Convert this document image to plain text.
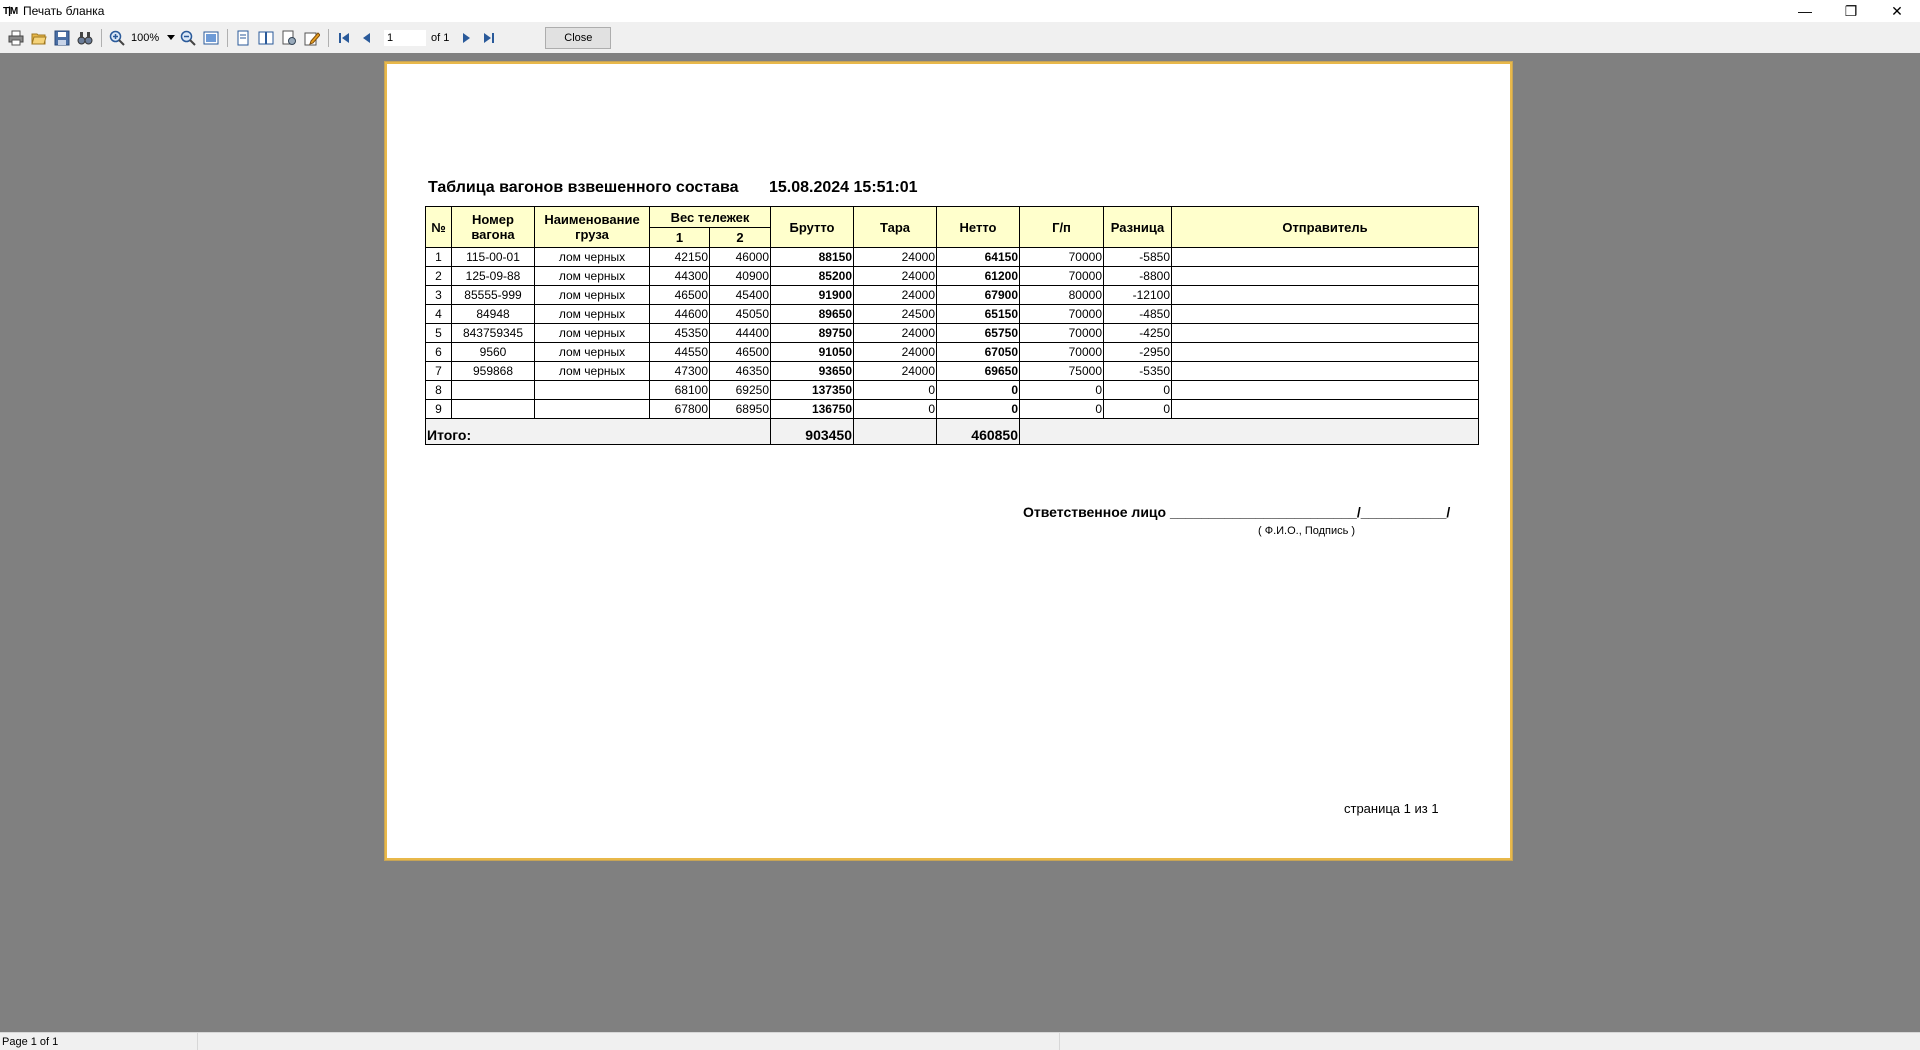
Т|М Печать бланка	—	❐	✕
100%
1	of 1	Close
Таблица вагонов взвешенного состава 15.08.2024 15:51:01
№	Номер вагона	Наименование груза	Вес тележек		Брутто	Тара	Нетто	Г/п	Разница	Отправитель
			1	2						
1	115-00-01	лом черных	42150	46000	88150	24000	64150	70000	-5850	
2	125-09-88	лом черных	44300	40900	85200	24000	61200	70000	-8800	
3	85555-999	лом черных	46500	45400	91900	24000	67900	80000	-12100	
4	84948	лом черных	44600	45050	89650	24500	65150	70000	-4850	
5	843759345	лом черных	45350	44400	89750	24000	65750	70000	-4250	
6	9560	лом черных	44550	46500	91050	24000	67050	70000	-2950	
7	959868	лом черных	47300	46350	93650	24000	69650	75000	-5350	
8			68100	69250	137350	0	0	0	0	
9			67800	68950	136750	0	0	0	0	
Итого:					903450		460850			
Ответственное лицо ________________________/___________/
( Ф.И.О., Подпись )
страница 1 из 1
Page 1 of 1
